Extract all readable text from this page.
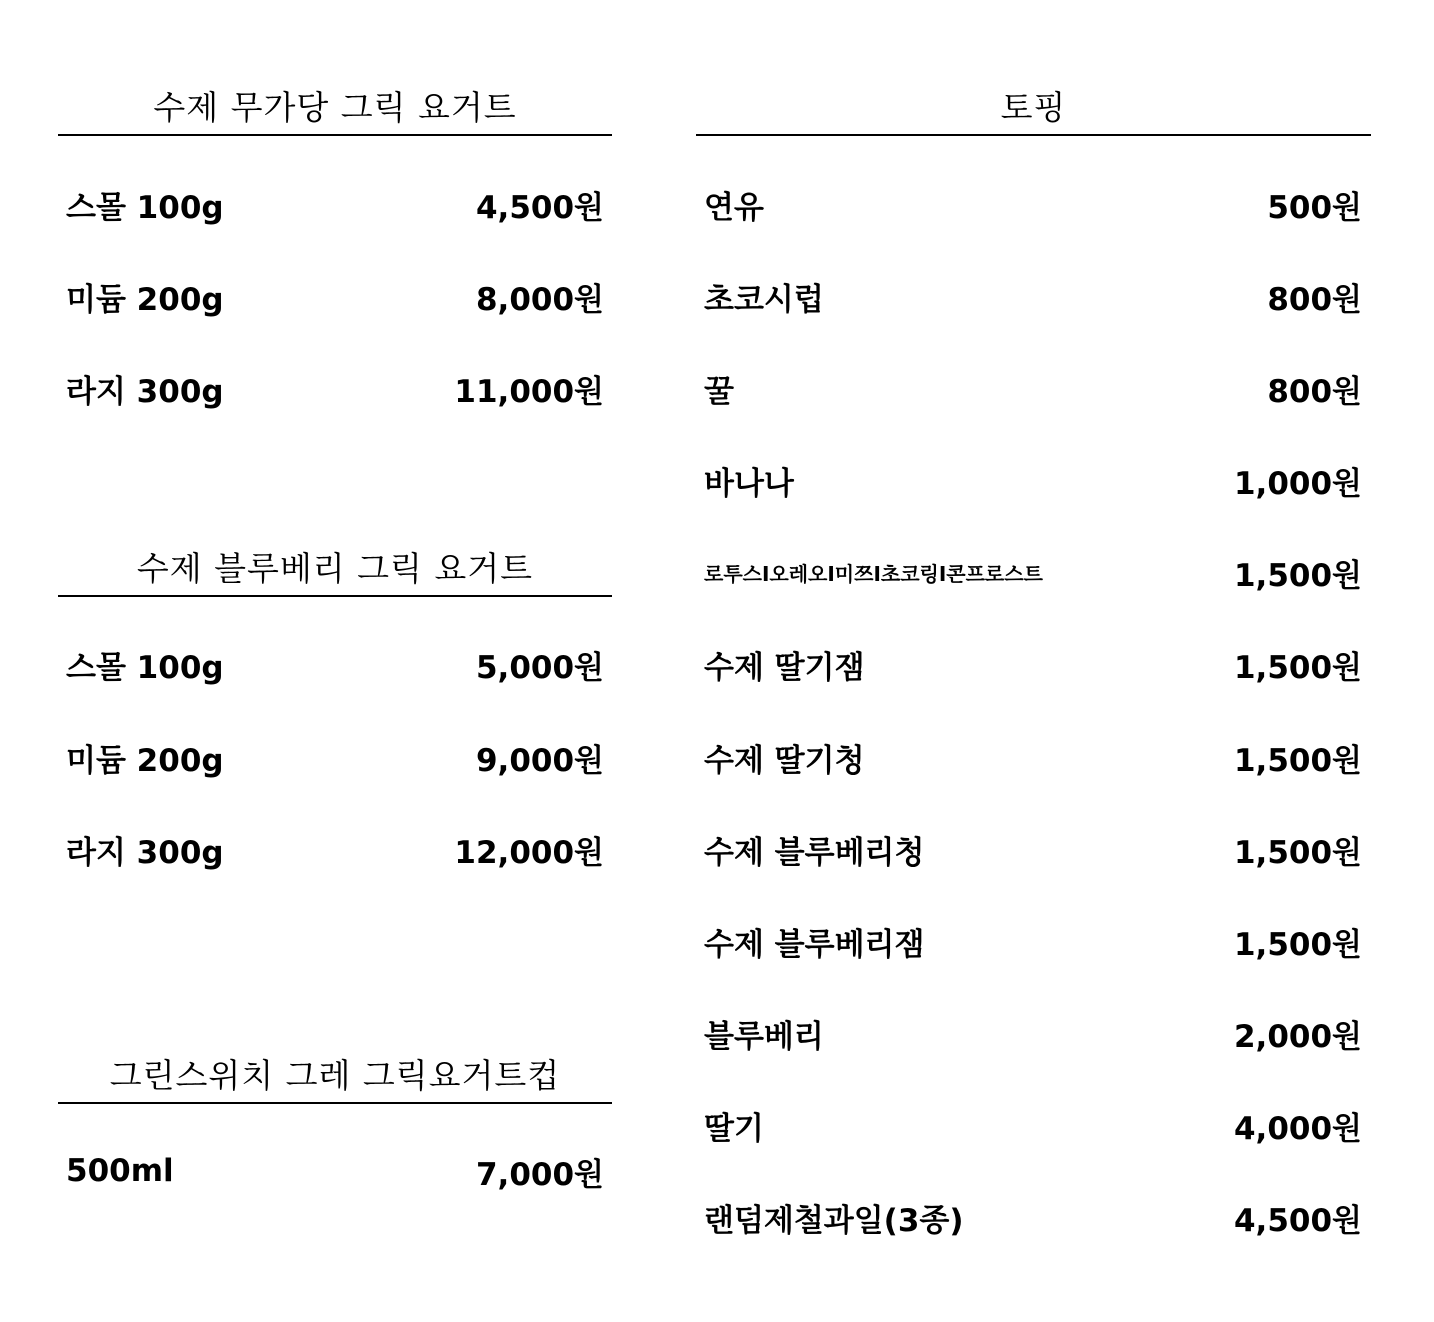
수제 무가당 그릭 요거트
스몰 100g	4,500원
미듐 200g	8,000원
라지 300g	11,000원
수제 블루베리 그릭 요거트
스몰 100g	5,000원
미듐 200g	9,000원
라지 300g	12,000원
그린스위치 그레 그릭요거트컵
500ml	7,000원
토핑
연유	500원
초코시럽	800원
꿀	800원
바나나	1,000원
로투스I오레오I미쯔I초코링I콘프로스트	1,500원
수제 딸기잼	1,500원
수제 딸기청	1,500원
수제 블루베리청	1,500원
수제 블루베리잼	1,500원
블루베리	2,000원
딸기	4,000원
랜덤제철과일(3종)	4,500원
